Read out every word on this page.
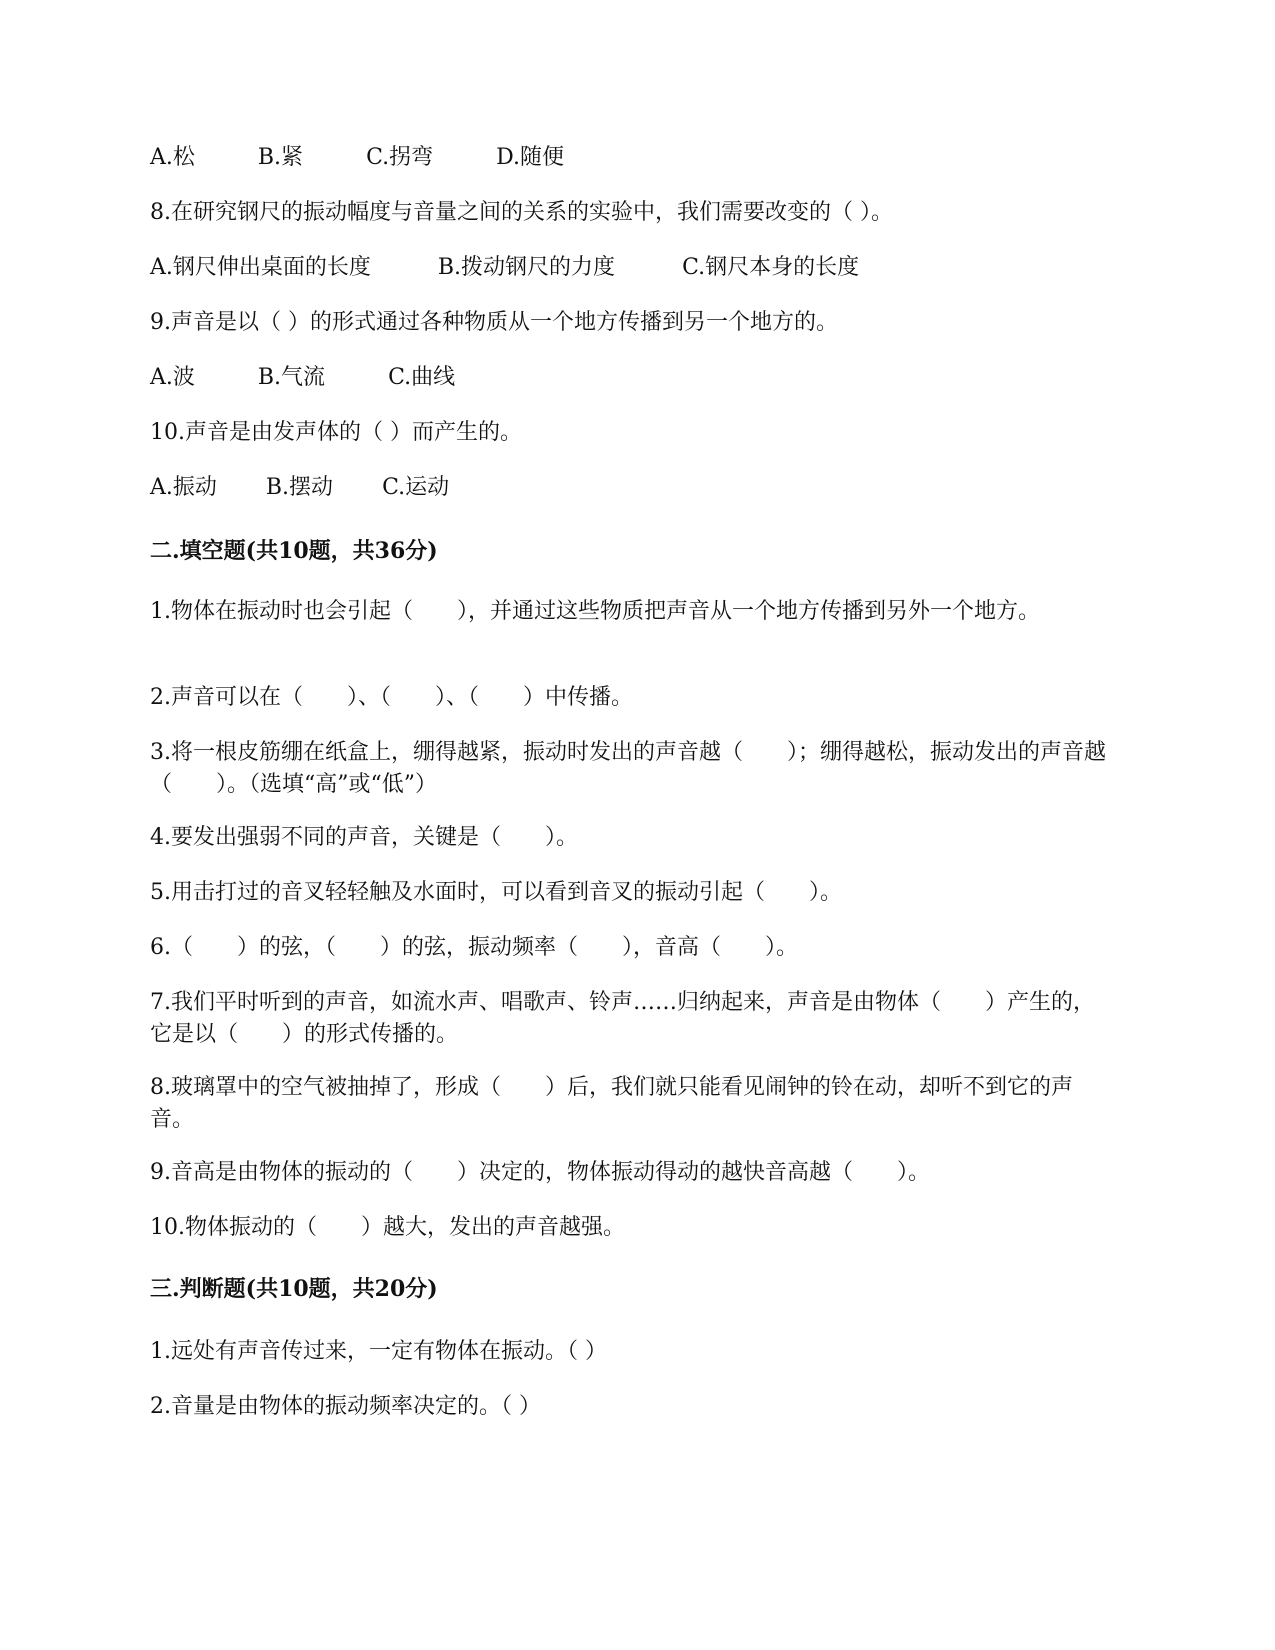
A.松	B.紧	C.拐弯	D.随便
8.在研究钢尺的振动幅度与音量之间的关系的实验中，我们需要改变的（ ）。
A.钢尺伸出桌面的长度	B.拨动钢尺的力度	C.钢尺本身的长度
9.声音是以（ ）的形式通过各种物质从一个地方传播到另一个地方的。
A.波	B.气流	C.曲线
10.声音是由发声体的（ ）而产生的。
A.振动 B.摆动 C.运动
二.填空题(共10题，共36分)
1.物体在振动时也会引起（　　），并通过这些物质把声音从一个地方传播到另外一个地方。
2.声音可以在（　　）、（　　）、（　　）中传播。
3.将一根皮筋绷在纸盒上，绷得越紧，振动时发出的声音越（　　）；绷得越松，振动发出的声音越（　　）。（选填“高”或“低”）
4.要发出强弱不同的声音，关键是（　　）。
5.用击打过的音叉轻轻触及水面时，可以看到音叉的振动引起（　　）。
6.（　　）的弦，（　　）的弦，振动频率（　　），音高（　　）。
7.我们平时听到的声音，如流水声、唱歌声、铃声……归纳起来，声音是由物体（　　）产生的，它是以（　　）的形式传播的。
8.玻璃罩中的空气被抽掉了，形成（　　）后，我们就只能看见闹钟的铃在动，却听不到它的声音。
9.音高是由物体的振动的（　　）决定的，物体振动得动的越快音高越（　　）。
10.物体振动的（　　）越大，发出的声音越强。
三.判断题(共10题，共20分)
1.远处有声音传过来，一定有物体在振动。（ ）
2.音量是由物体的振动频率决定的。（ ）
